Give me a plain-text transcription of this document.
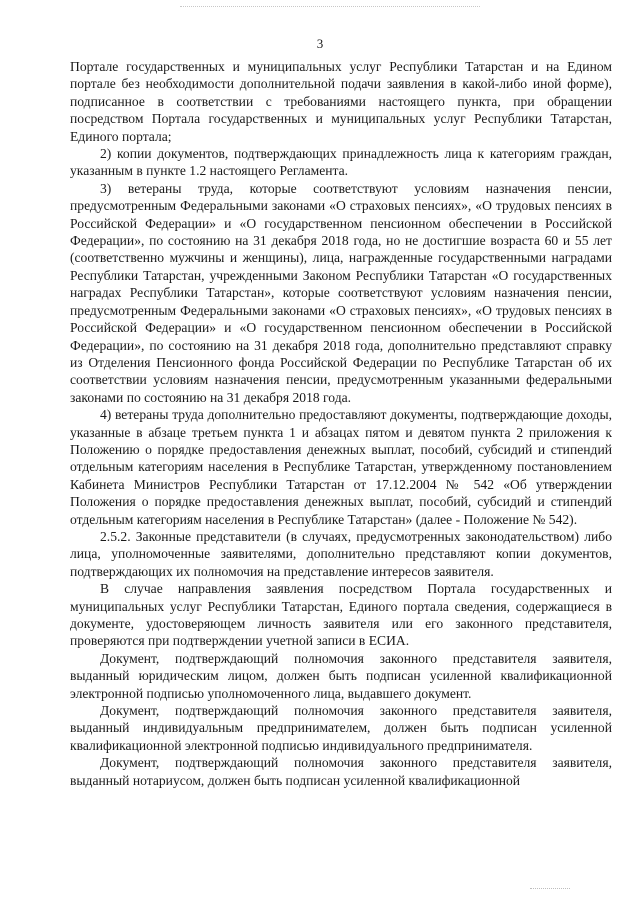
3

Портале государственных и муниципальных услуг Республики Татарстан и на Едином портале без необходимости дополнительной подачи заявления в какой-либо иной форме), подписанное в соответствии с требованиями настоящего пункта, при обращении посредством Портала государственных и муниципальных услуг Республики Татарстан, Единого портала;

2) копии документов, подтверждающих принадлежность лица к категориям граждан, указанным в пункте 1.2 настоящего Регламента.

3) ветераны труда, которые соответствуют условиям назначения пенсии, предусмотренным Федеральными законами «О страховых пенсиях», «О трудовых пенсиях в Российской Федерации» и «О государственном пенсионном обеспечении в Российской Федерации», по состоянию на 31 декабря 2018 года, но не достигшие возраста 60 и 55 лет (соответственно мужчины и женщины), лица, награжденные государственными наградами Республики Татарстан, учрежденными Законом Республики Татарстан «О государственных наградах Республики Татарстан», которые соответствуют условиям назначения пенсии, предусмотренным Федеральными законами «О страховых пенсиях», «О трудовых пенсиях в Российской Федерации» и «О государственном пенсионном обеспечении в Российской Федерации», по состоянию на 31 декабря 2018 года, дополнительно представляют справку из Отделения Пенсионного фонда Российской Федерации по Республике Татарстан об их соответствии условиям назначения пенсии, предусмотренным указанными федеральными законами по состоянию на 31 декабря 2018 года.

4) ветераны труда дополнительно предоставляют документы, подтверждающие доходы, указанные в абзаце третьем пункта 1 и абзацах пятом и девятом пункта 2 приложения к Положению о порядке предоставления денежных выплат, пособий, субсидий и стипендий отдельным категориям населения в Республике Татарстан, утвержденному постановлением Кабинета Министров Республики Татарстан от 17.12.2004 № 542 «Об утверждении Положения о порядке предоставления денежных выплат, пособий, субсидий и стипендий отдельным категориям населения в Республике Татарстан» (далее - Положение № 542).

2.5.2. Законные представители (в случаях, предусмотренных законодательством) либо лица, уполномоченные заявителями, дополнительно представляют копии документов, подтверждающих их полномочия на представление интересов заявителя.

В случае направления заявления посредством Портала государственных и муниципальных услуг Республики Татарстан, Единого портала сведения, содержащиеся в документе, удостоверяющем личность заявителя или его законного представителя, проверяются при подтверждении учетной записи в ЕСИА.

Документ, подтверждающий полномочия законного представителя заявителя, выданный юридическим лицом, должен быть подписан усиленной квалификационной электронной подписью уполномоченного лица, выдавшего документ.

Документ, подтверждающий полномочия законного представителя заявителя, выданный индивидуальным предпринимателем, должен быть подписан усиленной квалификационной электронной подписью индивидуального предпринимателя.

Документ, подтверждающий полномочия законного представителя заявителя, выданный нотариусом, должен быть подписан усиленной квалификационной
